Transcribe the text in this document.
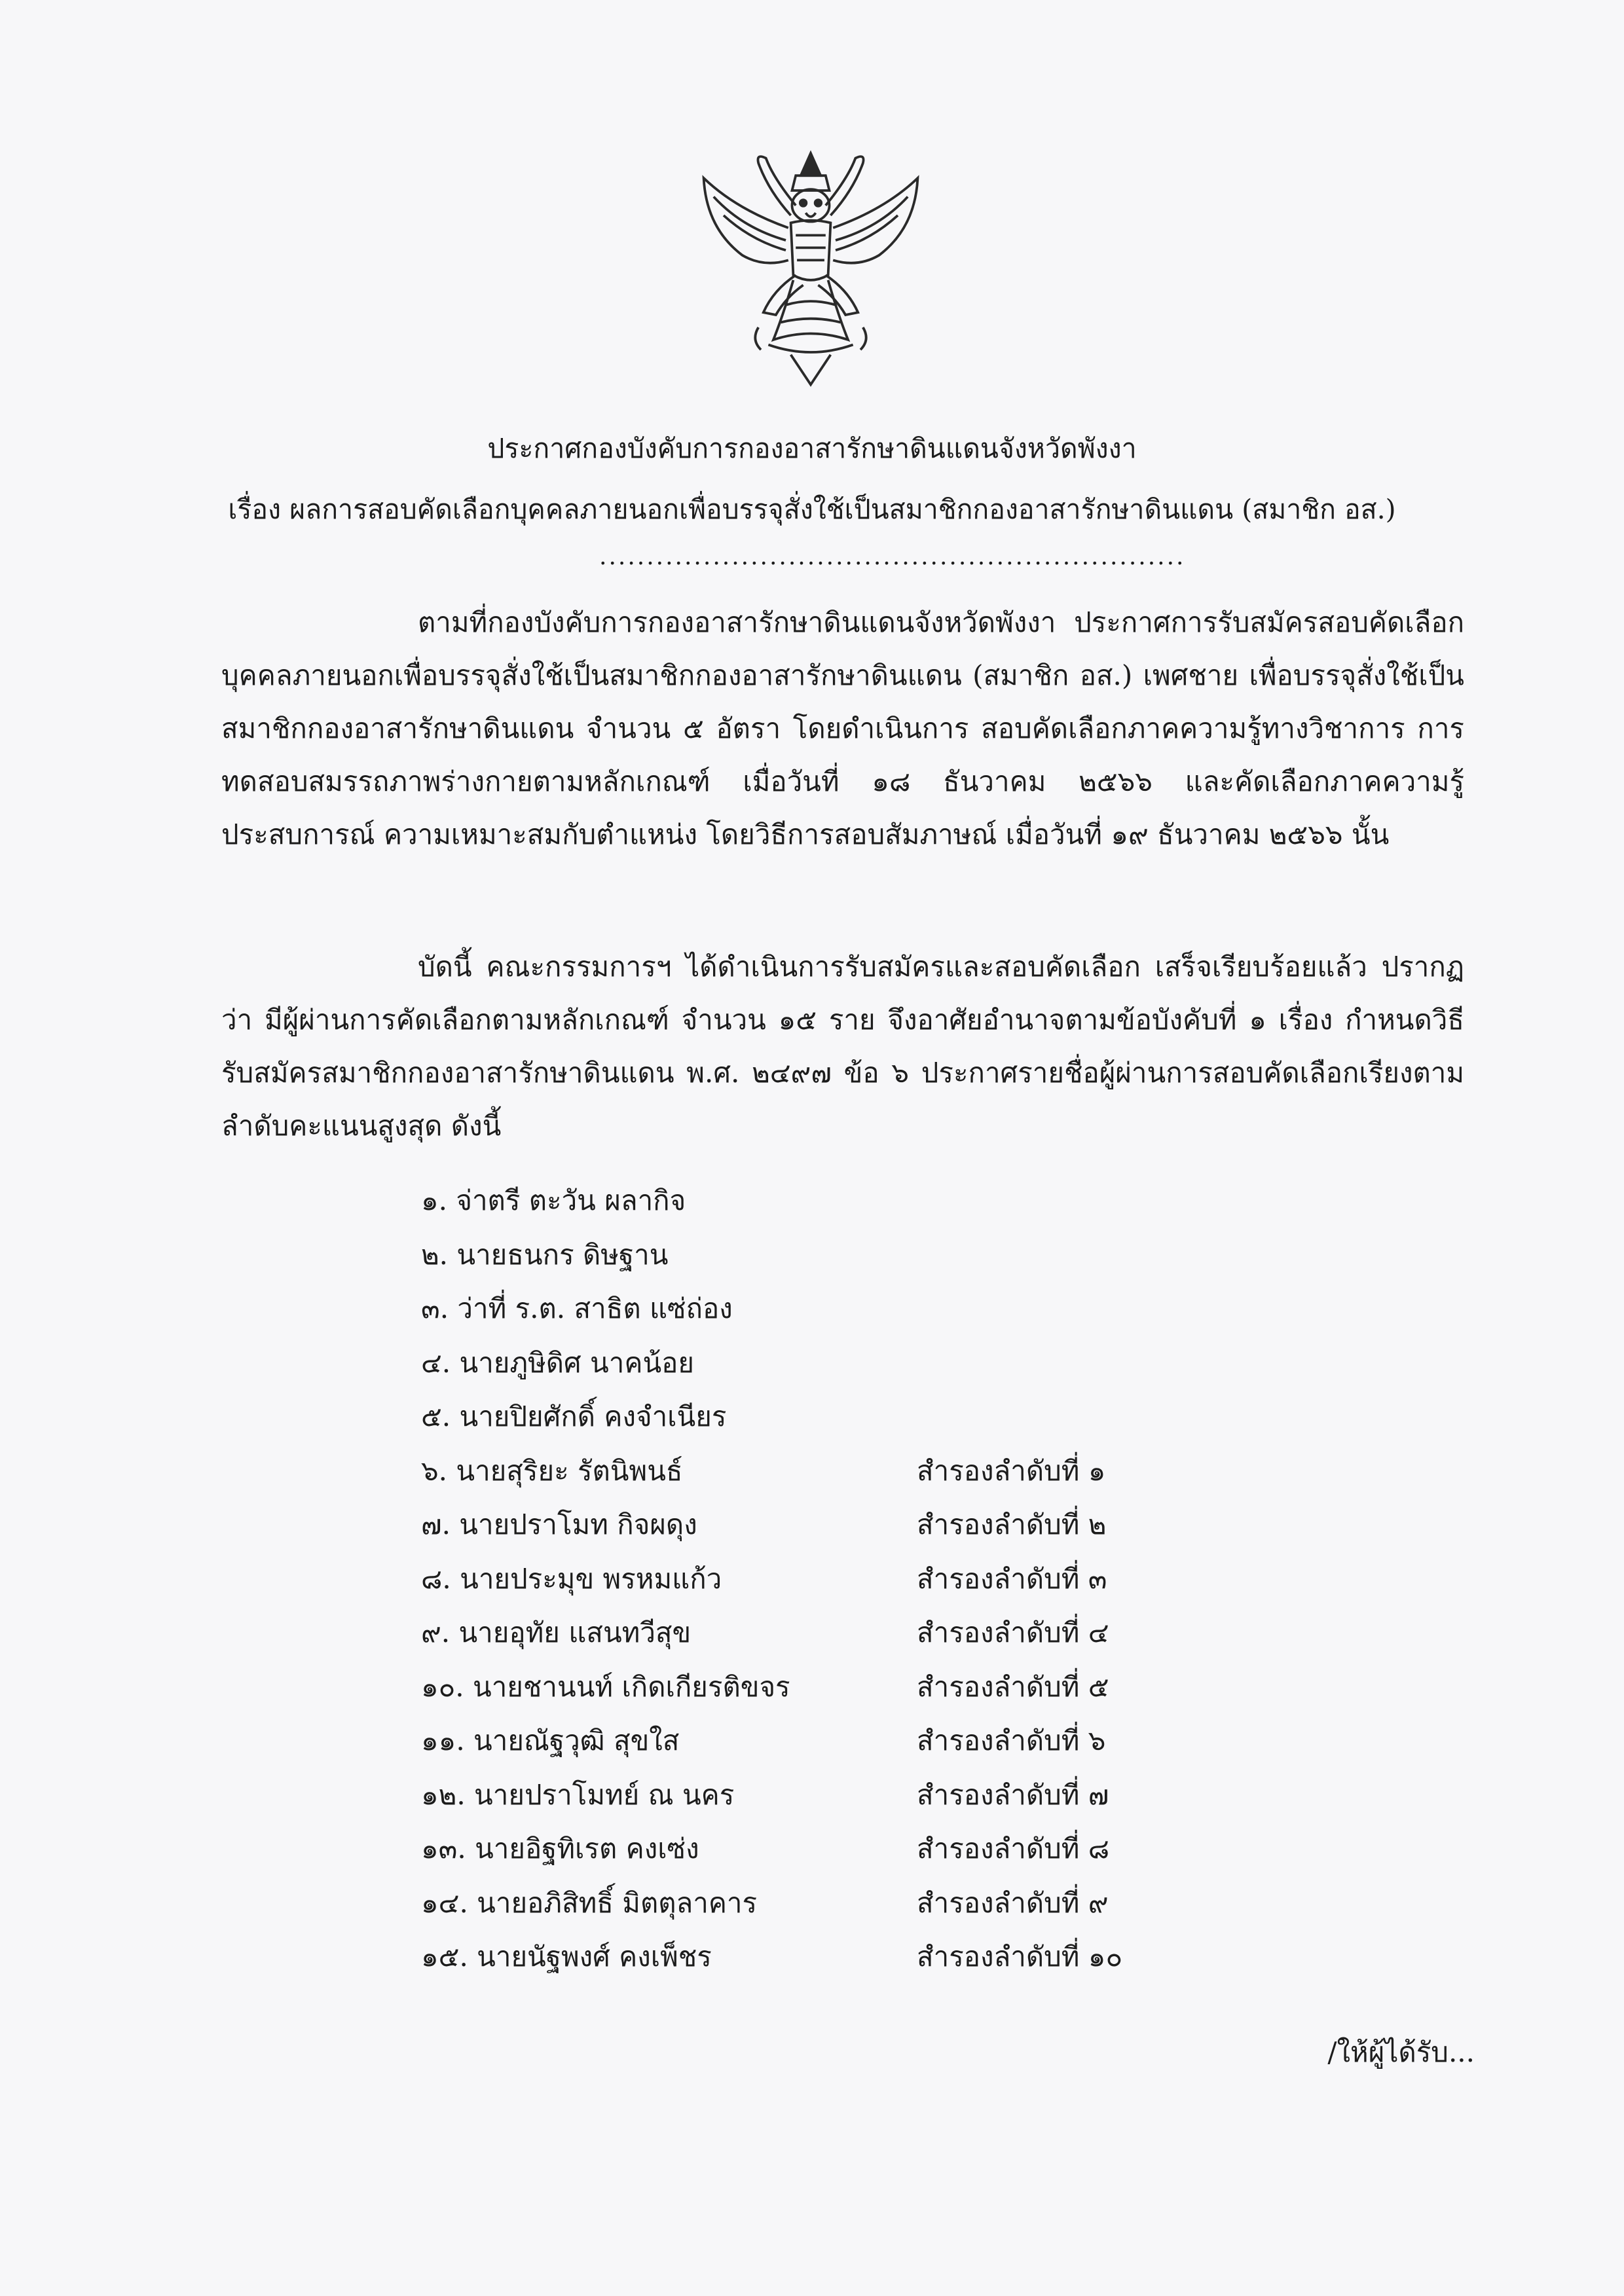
ประกาศกองบังคับการกองอาสารักษาดินแดนจังหวัดพังงา
เรื่อง ผลการสอบคัดเลือกบุคคลภายนอกเพื่อบรรจุสั่งใช้เป็นสมาชิกกองอาสารักษาดินแดน (สมาชิก อส.)
..............................................................
ตามที่กองบังคับการกองอาสารักษาดินแดนจังหวัดพังงา ประกาศการรับสมัครสอบคัดเลือกบุคคลภายนอกเพื่อบรรจุสั่งใช้เป็นสมาชิกกองอาสารักษาดินแดน (สมาชิก อส.) เพศชาย เพื่อบรรจุสั่งใช้เป็นสมาชิกกองอาสารักษาดินแดน จำนวน ๕ อัตรา โดยดำเนินการ สอบคัดเลือกภาคความรู้ทางวิชาการ การทดสอบสมรรถภาพร่างกายตามหลักเกณฑ์ เมื่อวันที่ ๑๘ ธันวาคม ๒๕๖๖ และคัดเลือกภาคความรู้ ประสบการณ์ ความเหมาะสมกับตำแหน่ง โดยวิธีการสอบสัมภาษณ์ เมื่อวันที่ ๑๙ ธันวาคม ๒๕๖๖ นั้น
บัดนี้ คณะกรรมการฯ ได้ดำเนินการรับสมัครและสอบคัดเลือก เสร็จเรียบร้อยแล้ว ปรากฏว่า มีผู้ผ่านการคัดเลือกตามหลักเกณฑ์ จำนวน ๑๕ ราย จึงอาศัยอำนาจตามข้อบังคับที่ ๑ เรื่อง กำหนดวิธีรับสมัครสมาชิกกองอาสารักษาดินแดน พ.ศ. ๒๔๙๗ ข้อ ๖ ประกาศรายชื่อผู้ผ่านการสอบคัดเลือกเรียงตามลำดับคะแนนสูงสุด ดังนี้
๑. จ่าตรี ตะวัน ผลากิจ
๒. นายธนกร ดิษฐาน
๓. ว่าที่ ร.ต. สาธิต แซ่ถ่อง
๔. นายภูษิดิศ นาคน้อย
๕. นายปิยศักดิ์ คงจำเนียร
๖. นายสุริยะ รัตนิพนธ์	สำรองลำดับที่ ๑
๗. นายปราโมท กิจผดุง	สำรองลำดับที่ ๒
๘. นายประมุข พรหมแก้ว	สำรองลำดับที่ ๓
๙. นายอุทัย แสนทวีสุข	สำรองลำดับที่ ๔
๑๐. นายชานนท์ เกิดเกียรติขจร	สำรองลำดับที่ ๕
๑๑. นายณัฐวุฒิ สุขใส	สำรองลำดับที่ ๖
๑๒. นายปราโมทย์ ณ นคร	สำรองลำดับที่ ๗
๑๓. นายอิฐทิเรต คงเซ่ง	สำรองลำดับที่ ๘
๑๔. นายอภิสิทธิ์ มิตตุลาคาร	สำรองลำดับที่ ๙
๑๕. นายนัฐพงศ์ คงเพ็ชร	สำรองลำดับที่ ๑๐
/ให้ผู้ได้รับ...
